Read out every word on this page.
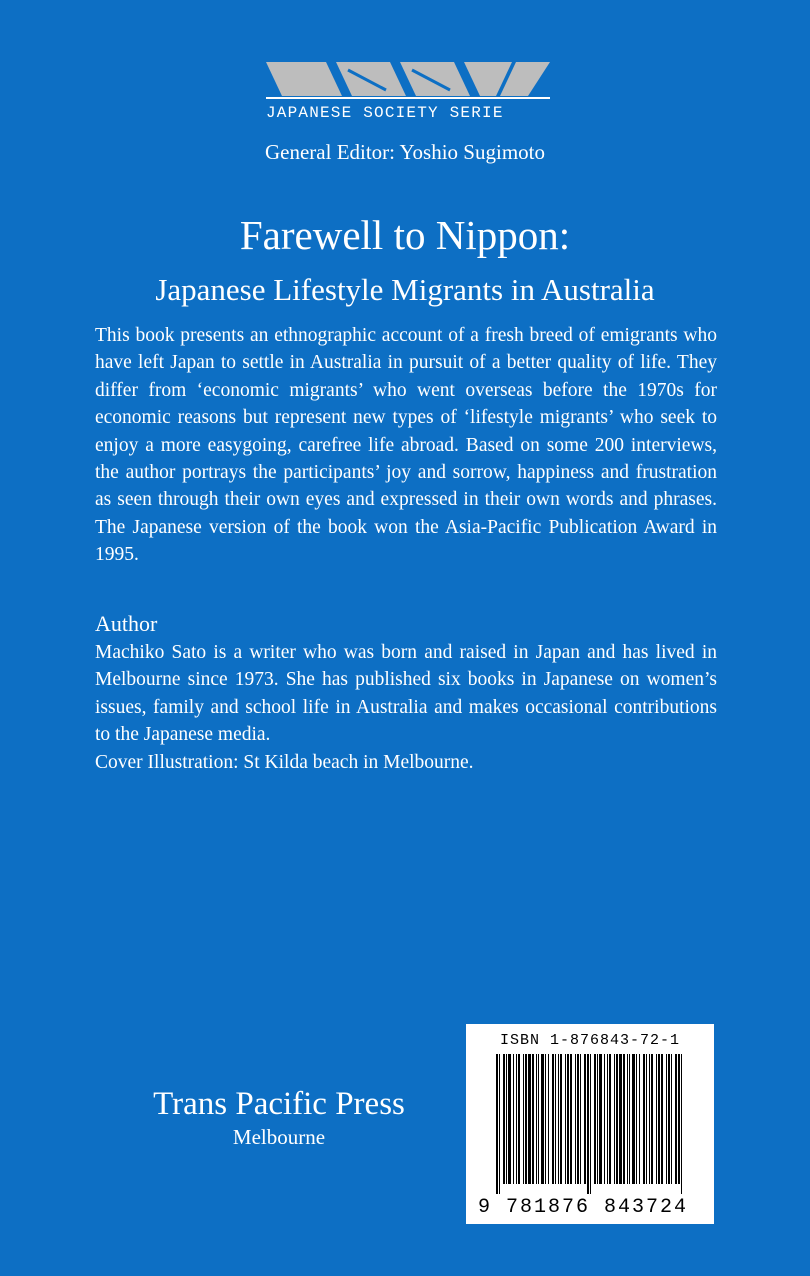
JAPANESE SOCIETY SERIE
General Editor: Yoshio Sugimoto
Farewell to Nippon:
Japanese Lifestyle Migrants in Australia

This book presents an ethnographic account of a fresh breed of emigrants who have left Japan to settle in Australia in pursuit of a better quality of life. They differ from ‘economic migrants’ who went overseas before the 1970s for economic reasons but represent new types of ‘lifestyle migrants’ who seek to enjoy a more easygoing, carefree life abroad. Based on some 200 interviews, the author portrays the participants’ joy and sorrow, happiness and frustration as seen through their own eyes and expressed in their own words and phrases. The Japanese version of the book won the Asia-Pacific Publication Award in 1995.

Author

Machiko Sato is a writer who was born and raised in Japan and has lived in Melbourne since 1973. She has published six books in Japanese on women’s issues, family and school life in Australia and makes occasional contributions to the Japanese media.

Cover Illustration: St Kilda beach in Melbourne.

Trans Pacific Press
Melbourne
ISBN 1-876843-72-1
9 781876 843724
